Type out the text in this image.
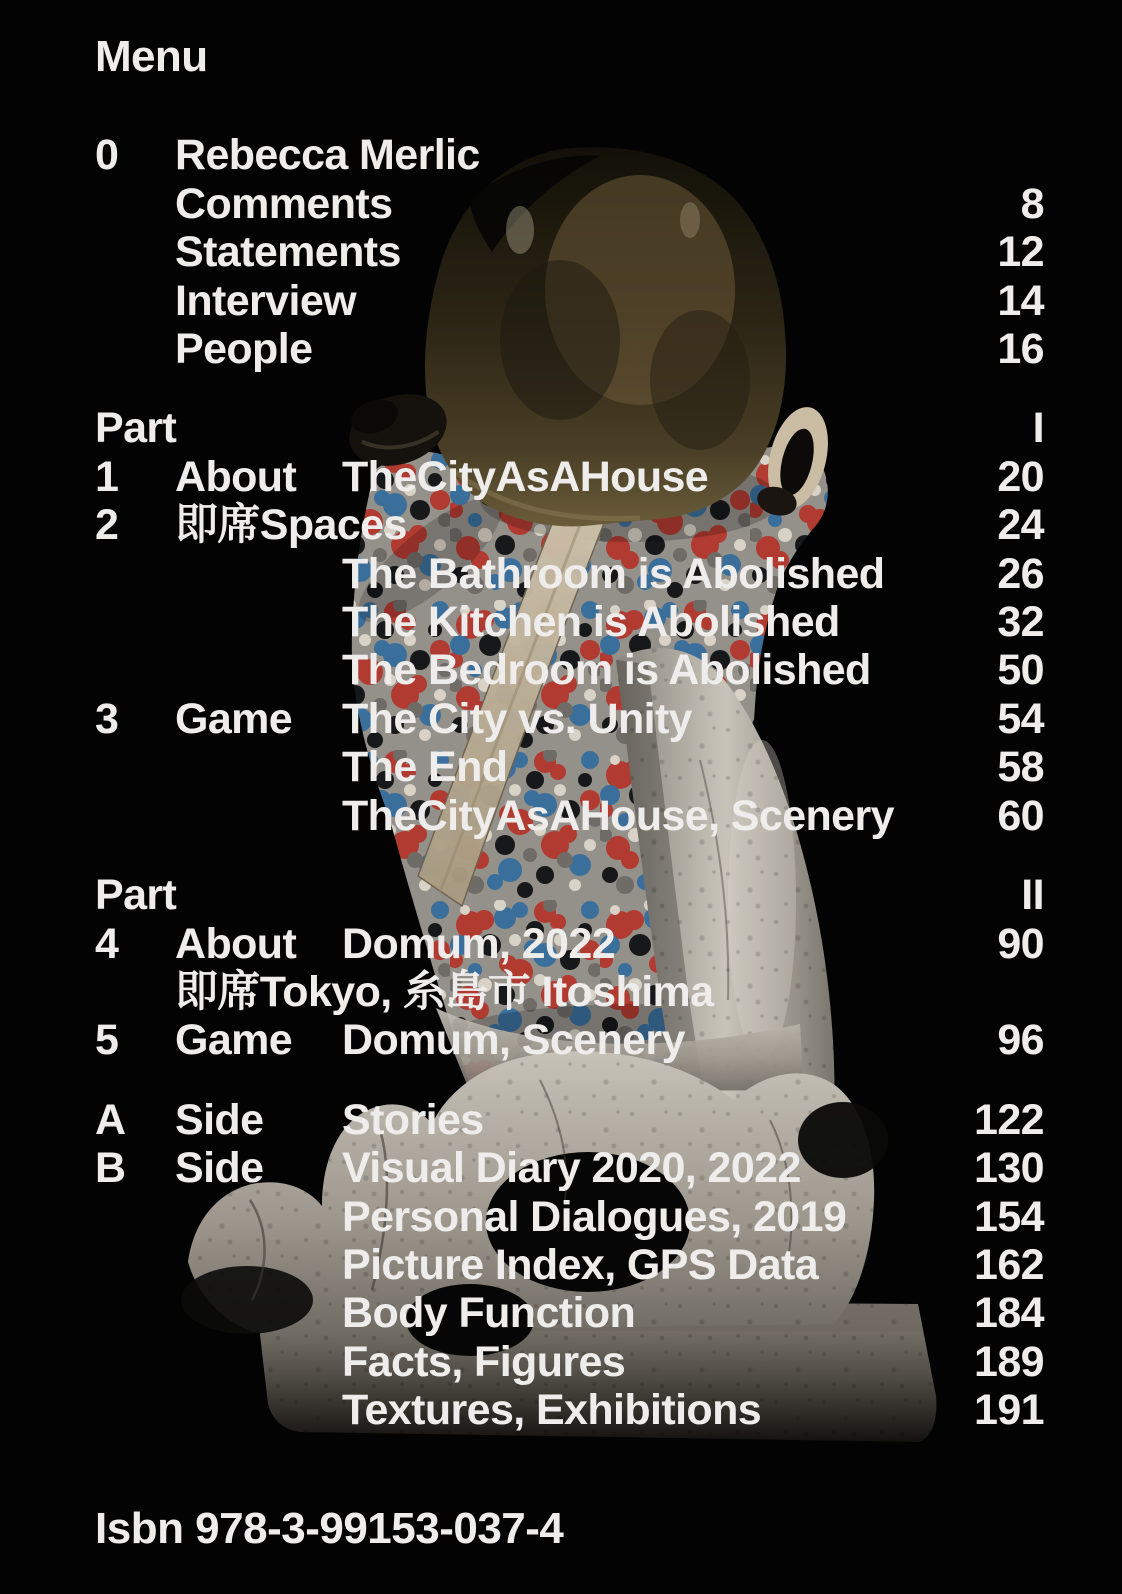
Menu
0	Rebecca Merlic
Comments	8
Statements	12
Interview	14
People	16
Part	I
1	About	TheCityAsAHouse	20
2	即席Spaces	24
The Bathroom is Abolished	26
The Kitchen is Abolished	32
The Bedroom is Abolished	50
3	Game	The City vs. Unity	54
The End	58
TheCityAsAHouse, Scenery	60
Part	II
4	About	Domum, 2022	90
即席Tokyo, 糸島市 Itoshima
5	Game	Domum, Scenery	96
A	Side	Stories	122
B	Side	Visual Diary 2020, 2022	130
Personal Dialogues, 2019	154
Picture Index, GPS Data	162
Body Function	184
Facts, Figures	189
Textures, Exhibitions	191
Isbn 978-3-99153-037-4
